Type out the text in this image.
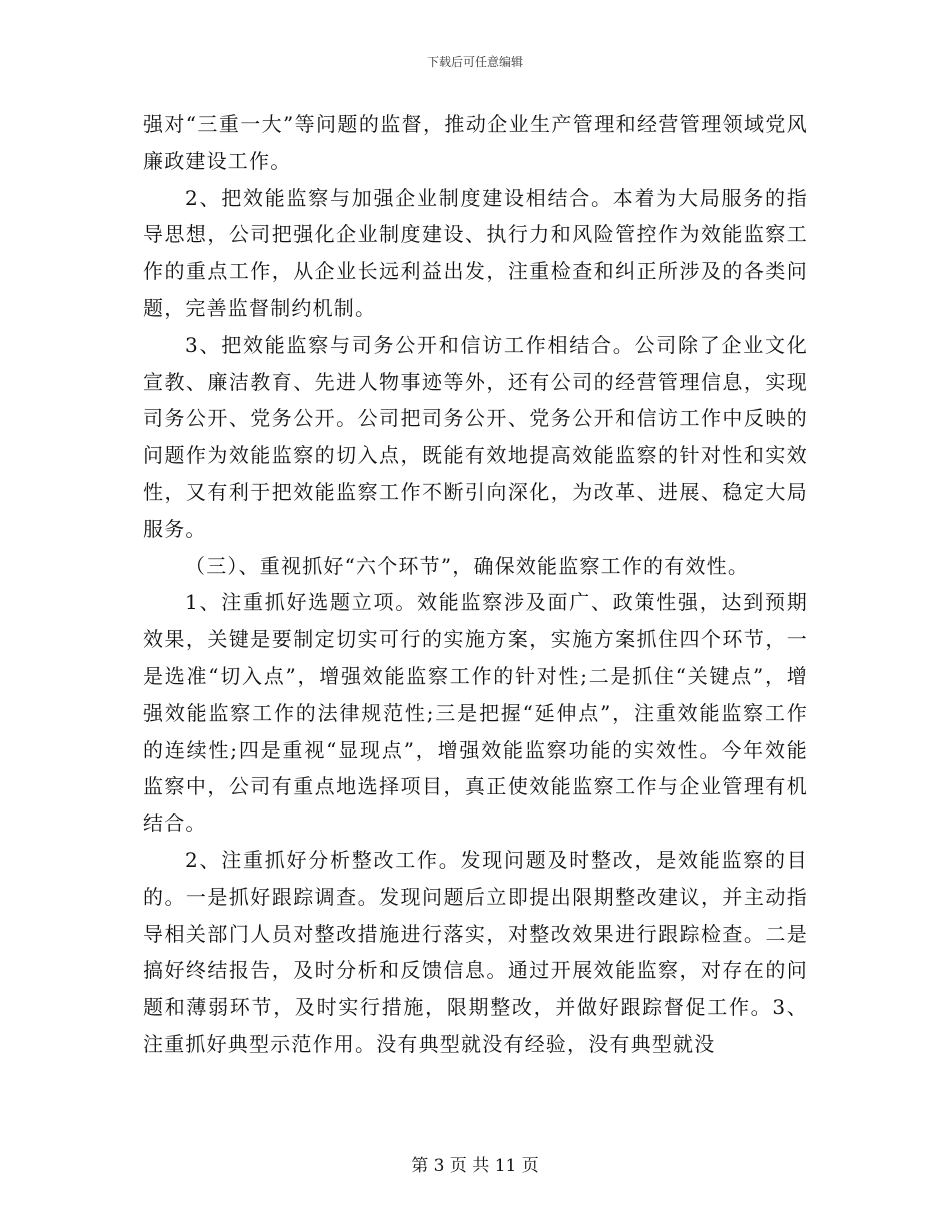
下载后可任意编辑

强对“三重一大”等问题的监督，推动企业生产管理和经营管理领域党风廉政建设工作。

2、把效能监察与加强企业制度建设相结合。本着为大局服务的指导思想，公司把强化企业制度建设、执行力和风险管控作为效能监察工作的重点工作，从企业长远利益出发，注重检查和纠正所涉及的各类问题，完善监督制约机制。

3、把效能监察与司务公开和信访工作相结合。公司除了企业文化宣教、廉洁教育、先进人物事迹等外，还有公司的经营管理信息，实现司务公开、党务公开。公司把司务公开、党务公开和信访工作中反映的问题作为效能监察的切入点，既能有效地提高效能监察的针对性和实效性，又有利于把效能监察工作不断引向深化，为改革、进展、稳定大局服务。

（三）、重视抓好“六个环节”，确保效能监察工作的有效性。

1、注重抓好选题立项。效能监察涉及面广、政策性强，达到预期效果，关键是要制定切实可行的实施方案，实施方案抓住四个环节，一是选准“切入点”，增强效能监察工作的针对性;二是抓住“关键点”，增强效能监察工作的法律规范性;三是把握“延伸点”，注重效能监察工作的连续性;四是重视“显现点”，增强效能监察功能的实效性。今年效能监察中，公司有重点地选择项目，真正使效能监察工作与企业管理有机结合。

2、注重抓好分析整改工作。发现问题及时整改，是效能监察的目的。一是抓好跟踪调查。发现问题后立即提出限期整改建议，并主动指导相关部门人员对整改措施进行落实，对整改效果进行跟踪检查。二是搞好终结报告，及时分析和反馈信息。通过开展效能监察，对存在的问题和薄弱环节，及时实行措施，限期整改，并做好跟踪督促工作。3、注重抓好典型示范作用。没有典型就没有经验，没有典型就没

第 3 页 共 11 页
